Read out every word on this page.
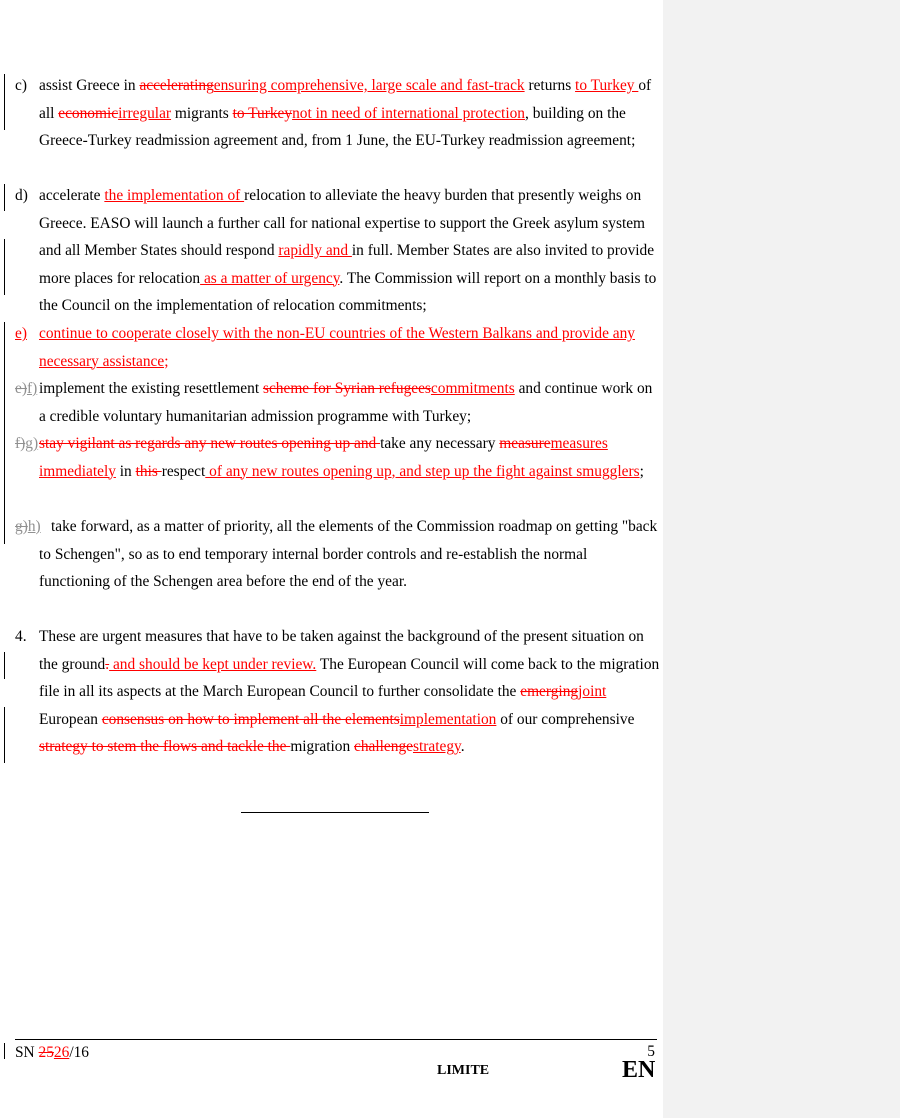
c) assist Greece in acceleratingensuring comprehensive, large scale and fast-track returns to Turkey of all economicirregular migrants to Turkeynot in need of international protection, building on the Greece-Turkey readmission agreement and, from 1 June, the EU-Turkey readmission agreement;
d) accelerate the implementation of relocation to alleviate the heavy burden that presently weighs on Greece. EASO will launch a further call for national expertise to support the Greek asylum system and all Member States should respond rapidly and in full. Member States are also invited to provide more places for relocation as a matter of urgency. The Commission will report on a monthly basis to the Council on the implementation of relocation commitments;
e) continue to cooperate closely with the non-EU countries of the Western Balkans and provide any necessary assistance;
e)f) implement the existing resettlement scheme for Syrian refugeescommitments and continue work on a credible voluntary humanitarian admission programme with Turkey;
f)g) stay vigilant as regards any new routes opening up and take any necessary measuremeasures immediately in this respect of any new routes opening up, and step up the fight against smugglers;
g)h) take forward, as a matter of priority, all the elements of the Commission roadmap on getting "back to Schengen", so as to end temporary internal border controls and re-establish the normal functioning of the Schengen area before the end of the year.
4. These are urgent measures that have to be taken against the background of the present situation on the ground. and should be kept under review. The European Council will come back to the migration file in all its aspects at the March European Council to further consolidate the emergingjoint European consensus on how to implement all the elementsimplementation of our comprehensive strategy to stem the flows and tackle the migration challengestrategy.
SN 2526/16	5
LIMITE	EN
